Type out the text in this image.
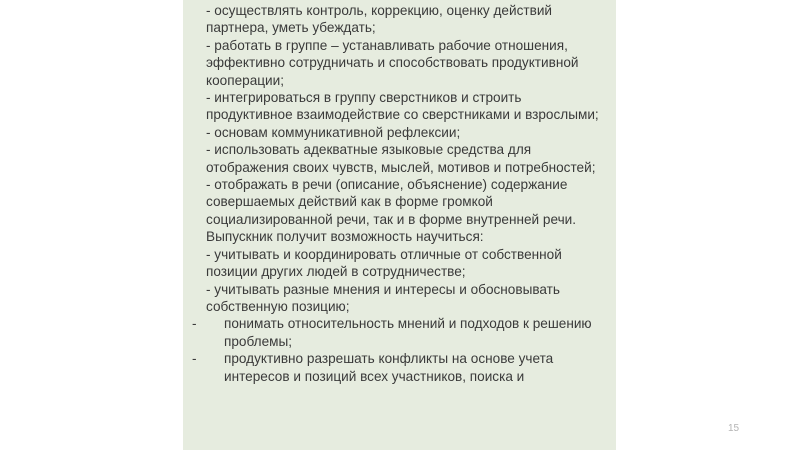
- осуществлять контроль, коррекцию, оценку действий партнера, уметь убеждать;

- работать в группе – устанавливать рабочие отношения, эффективно сотрудничать и способствовать продуктивной кооперации;

- интегрироваться в группу сверстников и строить продуктивное взаимодействие со сверстниками и взрослыми;

- основам коммуникативной рефлексии;

- использовать адекватные языковые средства для отображения своих чувств, мыслей, мотивов и потребностей;

- отображать в речи (описание, объяснение) содержание совершаемых действий как в форме громкой социализированной речи, так и в форме внутренней речи.

Выпускник получит возможность научиться:

- учитывать и координировать отличные от собственной позиции других людей в сотрудничестве;

- учитывать разные мнения и интересы и обосновывать собственную позицию;

- понимать относительность мнений и подходов к решению проблемы;
- продуктивно разрешать конфликты на основе учета интересов и позиций всех участников, поиска и
15
